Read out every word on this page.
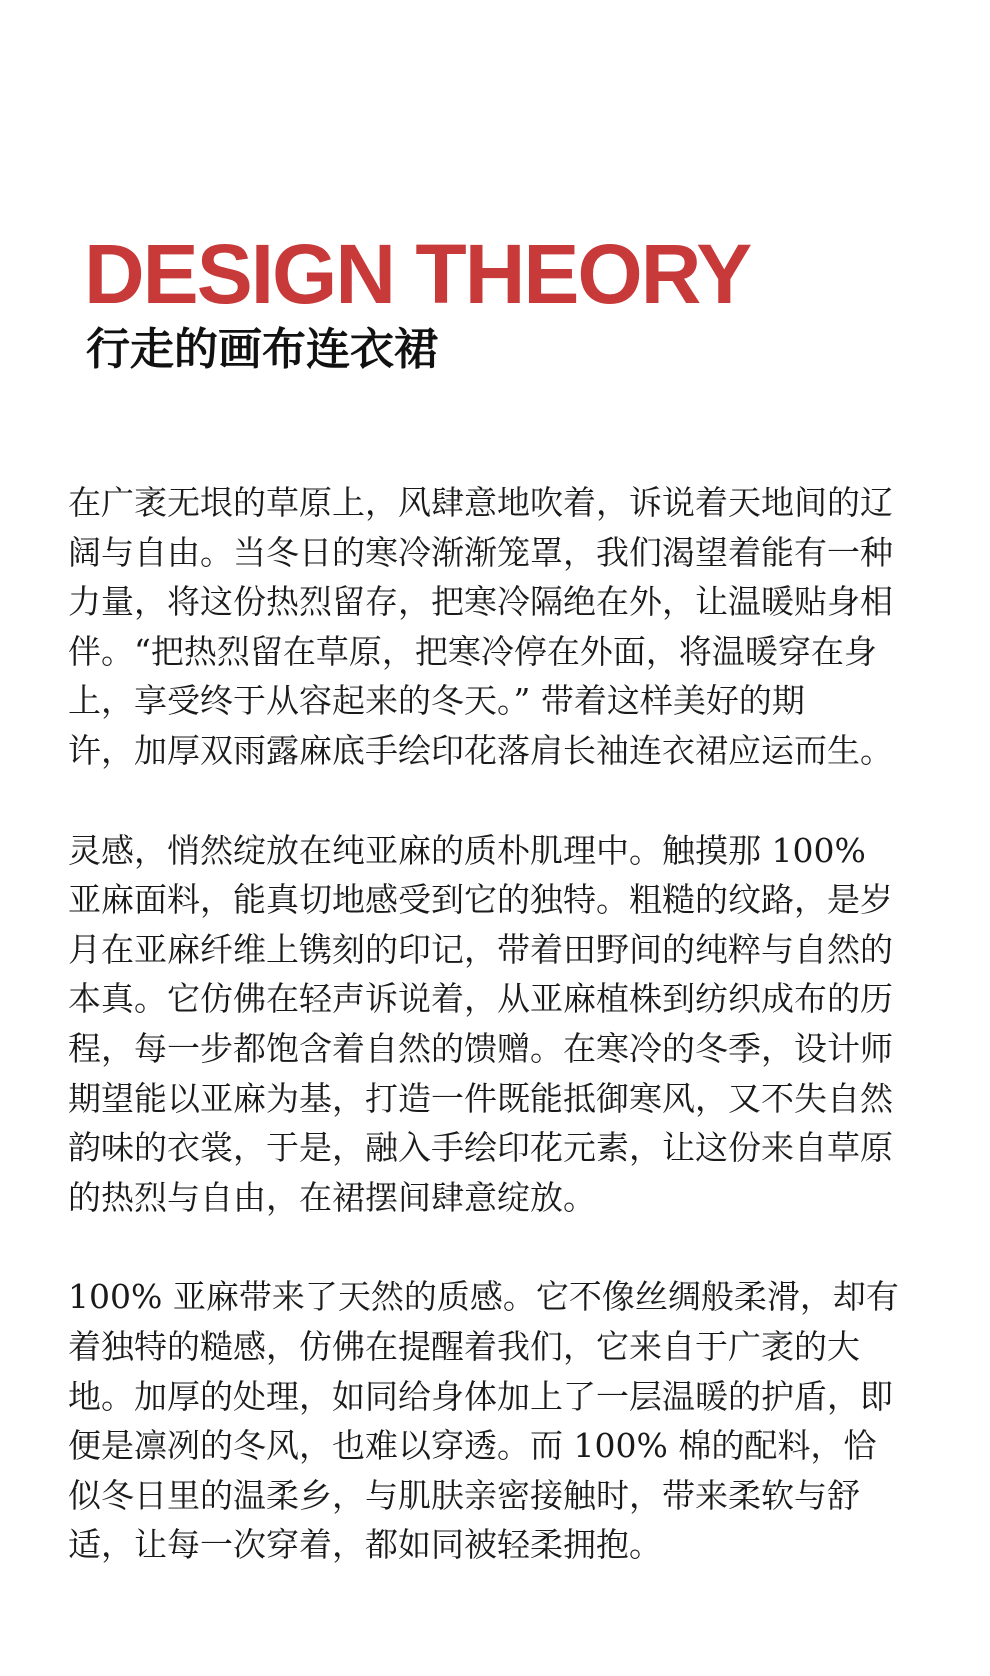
DESIGN THEORY
行走的画布连衣裙

在广袤无垠的草原上，风肆意地吹着，诉说着天地间的辽
阔与自由。当冬日的寒冷渐渐笼罩，我们渴望着能有一种
力量，将这份热烈留存，把寒冷隔绝在外，让温暖贴身相
伴。“把热烈留在草原，把寒冷停在外面，将温暖穿在身
上，享受终于从容起来的冬天。” 带着这样美好的期
许，加厚双雨露麻底手绘印花落肩长袖连衣裙应运而生。

灵感，悄然绽放在纯亚麻的质朴肌理中。触摸那 100%
亚麻面料，能真切地感受到它的独特。粗糙的纹路，是岁
月在亚麻纤维上镌刻的印记，带着田野间的纯粹与自然的
本真。它仿佛在轻声诉说着，从亚麻植株到纺织成布的历
程，每一步都饱含着自然的馈赠。在寒冷的冬季，设计师
期望能以亚麻为基，打造一件既能抵御寒风，又不失自然
韵味的衣裳，于是，融入手绘印花元素，让这份来自草原
的热烈与自由，在裙摆间肆意绽放。

100% 亚麻带来了天然的质感。它不像丝绸般柔滑，却有
着独特的糙感，仿佛在提醒着我们，它来自于广袤的大
地。加厚的处理，如同给身体加上了一层温暖的护盾，即
便是凛冽的冬风，也难以穿透。而 100% 棉的配料，恰
似冬日里的温柔乡，与肌肤亲密接触时，带来柔软与舒
适，让每一次穿着，都如同被轻柔拥抱。
